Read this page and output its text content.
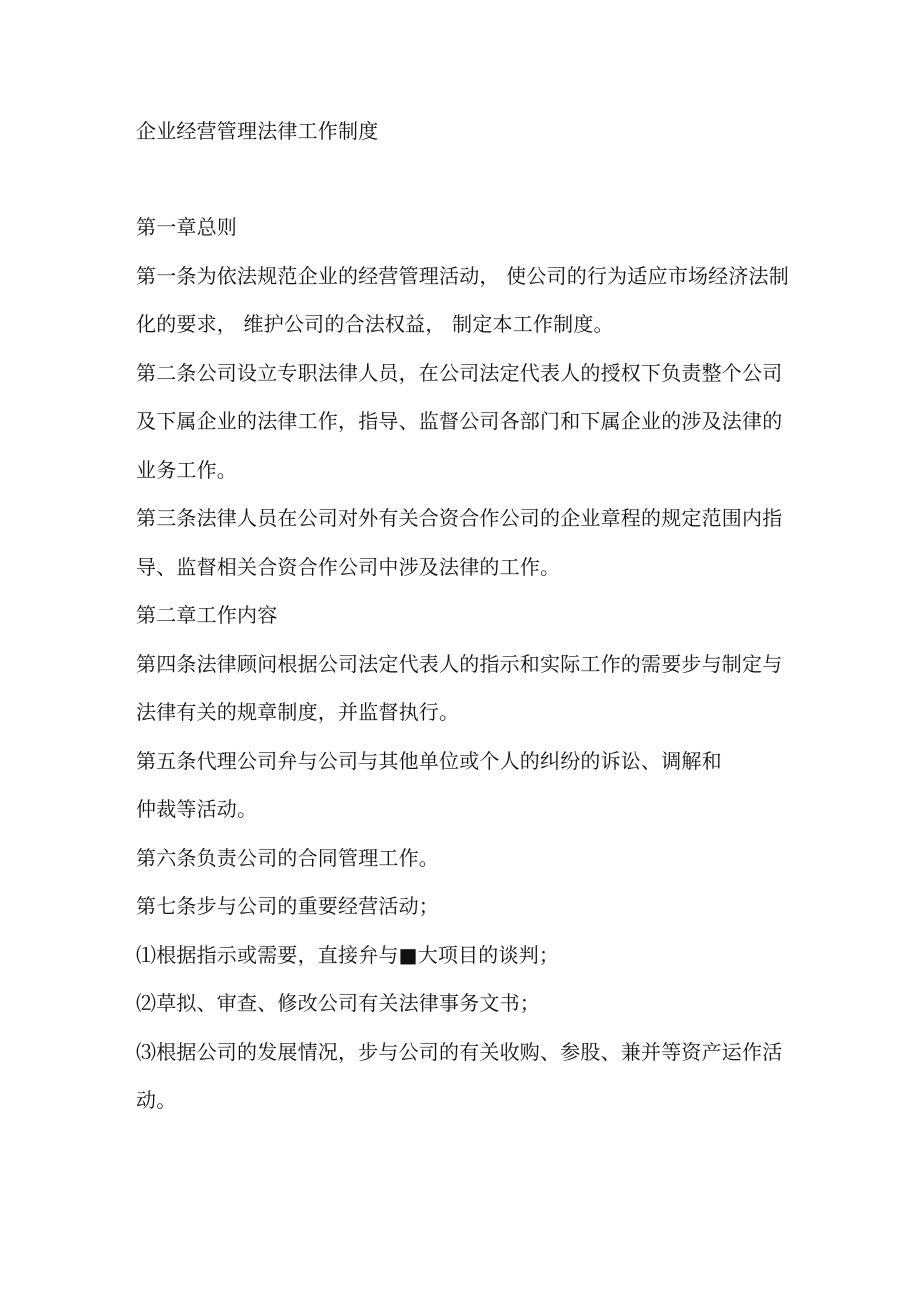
企业经营管理法律工作制度
第一章总则
第一条为依法规范企业的经营管理活动， 使公司的行为适应市场经济法制
化的要求， 维护公司的合法权益， 制定本工作制度。
第二条公司设立专职法律人员，在公司法定代表人的授权下负责整个公司
及下属企业的法律工作，指导、监督公司各部门和下属企业的涉及法律的
业务工作。
第三条法律人员在公司对外有关合资合作公司的企业章程的规定范围内指
导、监督相关合资合作公司中涉及法律的工作。
第二章工作内容
第四条法律顾问根据公司法定代表人的指示和实际工作的需要步与制定与
法律有关的规章制度，并监督执行。
第五条代理公司弁与公司与其他单位或个人的纠纷的诉讼、调解和
仲裁等活动。
第六条负责公司的合同管理工作。
第七条步与公司的重要经营活动；
⑴根据指示或需要，直接弁与■大项目的谈判；
⑵草拟、审查、修改公司有关法律事务文书；
⑶根据公司的发展情况，步与公司的有关收购、参股、兼并等资产运作活
动。
